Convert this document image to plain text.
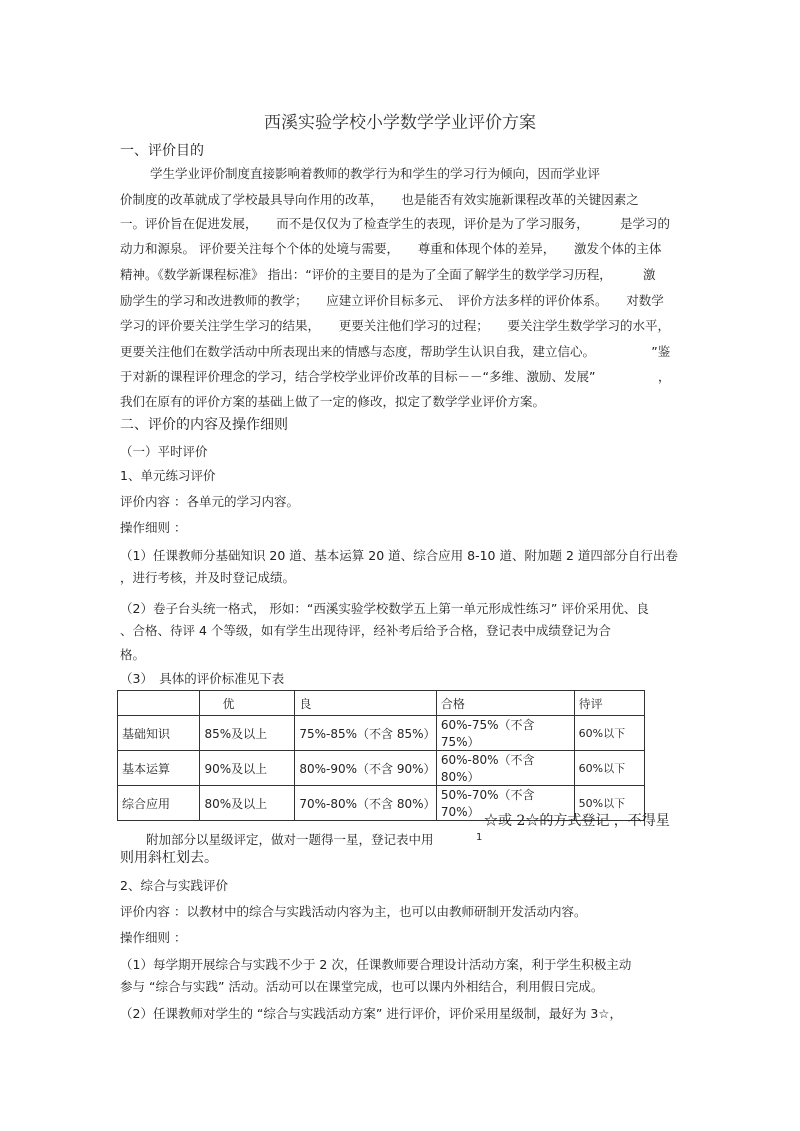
西溪实验学校小学数学学业评价方案
一、评价目的
学生学业评价制度直接影响着教师的教学行为和学生的学习行为倾向，因而学业评
价制度的改革就成了学校最具导向作用的改革，　　也是能否有效实施新课程改革的关键因素之
一。评价旨在促进发展，　　而不是仅仅为了检查学生的表现，评价是为了学习服务，　　　是学习的
动力和源泉。 评价要关注每个个体的处境与需要，　　尊重和体现个体的差异，　　激发个体的主体
精神。《数学新课程标准》 指出：“评价的主要目的是为了全面了解学生的数学学习历程，　　　激
励学生的学习和改进教师的教学；　　应建立评价目标多元、　评价方法多样的评价体系。　　对数学
学习的评价要关注学生学习的结果，　　更要关注他们学习的过程；　　要关注学生数学学习的水平，
更要关注他们在数学活动中所表现出来的情感与态度，帮助学生认识自我，建立信心。　　　　　”鉴
于对新的课程评价理念的学习，结合学校学业评价改革的目标－－“多维、激励、发展”　　　　　，
我们在原有的评价方案的基础上做了一定的修改，拟定了数学学业评价方案。
二、评价的内容及操作细则
（一）平时评价
1、单元练习评价
评价内容 ：各单元的学习内容。
操作细则 ：
（1）任课教师分基础知识 20 道、基本运算 20 道、综合应用 8-10 道、附加题 2 道四部分自行出卷
，进行考核，并及时登记成绩。
（2）卷子台头统一格式， 形如：“西溪实验学校数学五上第一单元形成性练习” 评价采用优、良
、合格、待评 4 个等级，如有学生出现待评，经补考后给予合格，登记表中成绩登记为合
格。
（3）　具体的评价标准见下表
	优	良	合格	待评
基础知识	85%及以上	75%-85%（不含 85%）	60%-75%（不含 75%）	60%以下
基本运算	90%及以上	80%-90%（不含 90%）	60%-80%（不含 80%）	60%以下
综合应用	80%及以上	70%-80%（不含 80%）	50%-70%（不含 70%）	50%以下
☆或 2☆的方式登记 ，不得星
1
附加部分以星级评定，做对一题得一星，登记表中用
则用斜杠划去。
2、综合与实践评价
评价内容 ：以教材中的综合与实践活动内容为主，也可以由教师研制开发活动内容。
操作细则 ：
（1）每学期开展综合与实践不少于 2 次，任课教师要合理设计活动方案，利于学生积极主动
参与 “综合与实践” 活动。活动可以在课堂完成，也可以课内外相结合，利用假日完成。
（2）任课教师对学生的 “综合与实践活动方案” 进行评价，评价采用星级制，最好为 3☆，
